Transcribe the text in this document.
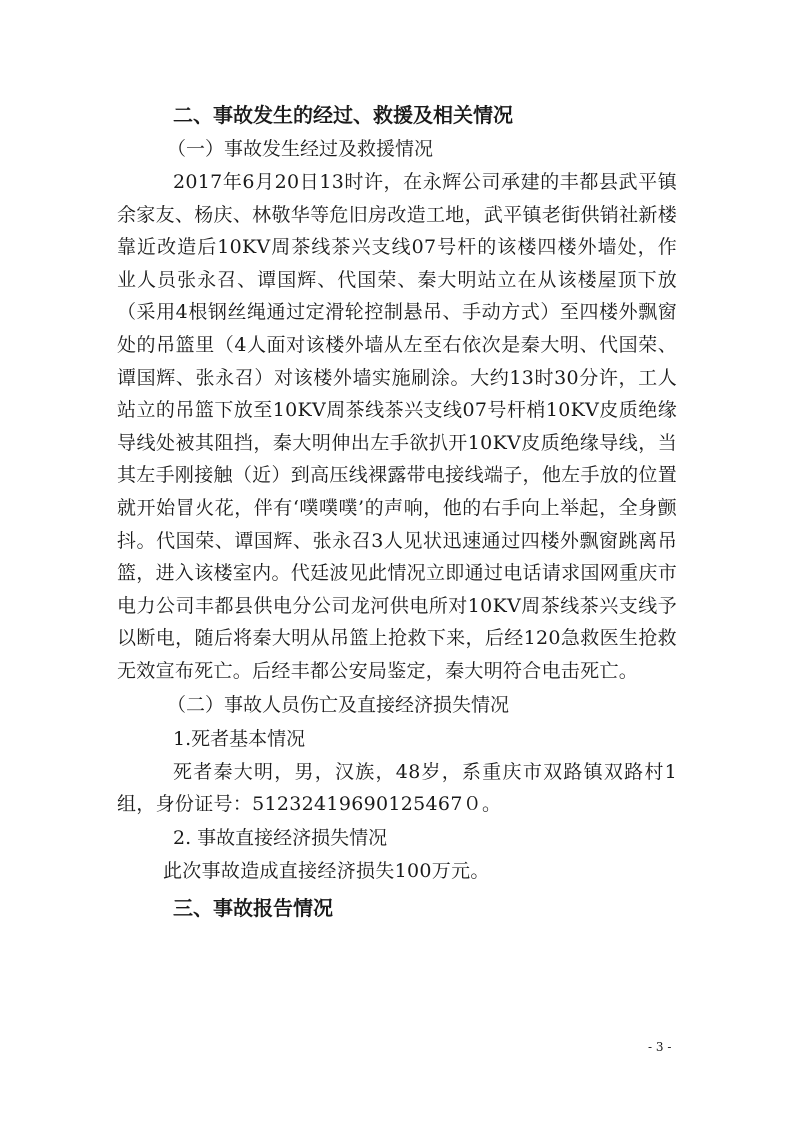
二、事故发生的经过、救援及相关情况
（一）事故发生经过及救援情况

2017年6月20日13时许，在永辉公司承建的丰都县武平镇余家友、杨庆、林敬华等危旧房改造工地，武平镇老街供销社新楼靠近改造后10KV周茶线茶兴支线07号杆的该楼四楼外墙处，作业人员张永召、谭国辉、代国荣、秦大明站立在从该楼屋顶下放（采用4根钢丝绳通过定滑轮控制悬吊、手动方式）至四楼外飘窗处的吊篮里（4人面对该楼外墙从左至右依次是秦大明、代国荣、谭国辉、张永召）对该楼外墙实施刷涂。大约13时30分许，工人站立的吊篮下放至10KV周茶线茶兴支线07号杆梢10KV皮质绝缘导线处被其阻挡，秦大明伸出左手欲扒开10KV皮质绝缘导线，当其左手刚接触（近）到高压线裸露带电接线端子，他左手放的位置就开始冒火花，伴有‘噗噗噗’的声响，他的右手向上举起，全身颤抖。代国荣、谭国辉、张永召3人见状迅速通过四楼外飘窗跳离吊篮，进入该楼室内。代廷波见此情况立即通过电话请求国网重庆市电力公司丰都县供电分公司龙河供电所对10KV周茶线茶兴支线予以断电，随后将秦大明从吊篮上抢救下来，后经120急救医生抢救无效宣布死亡。后经丰都公安局鉴定，秦大明符合电击死亡。

（二）事故人员伤亡及直接经济损失情况
1.死者基本情况

死者秦大明，男，汉族，48岁，系重庆市双路镇双路村1组，身份证号：51232419690125467０。

2. 事故直接经济损失情况

此次事故造成直接经济损失100万元。

三、事故报告情况
- 3 -
